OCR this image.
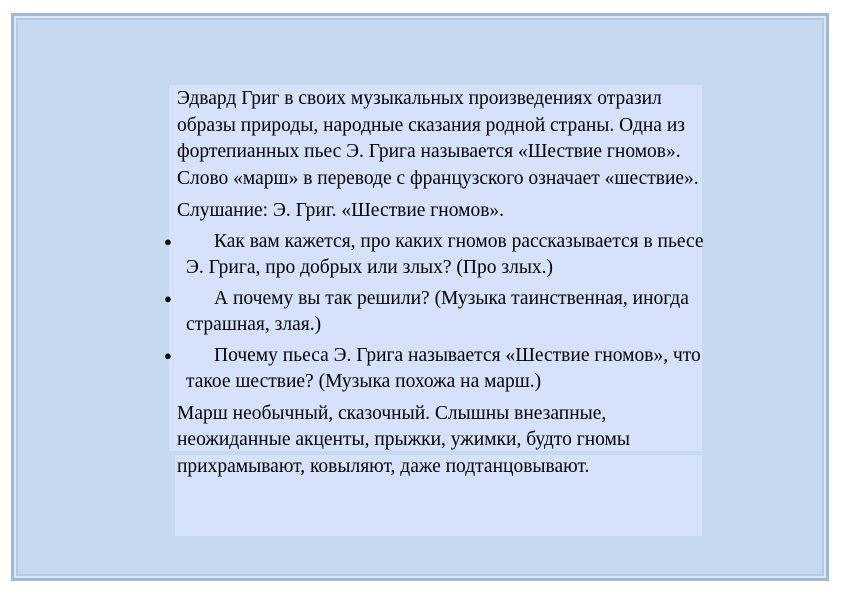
Эдвард Григ в своих музыкальных произведениях отразил образы природы, народные сказания родной страны. Одна из фортепианных пьес Э. Грига называется «Шествие гномов». Слово «марш» в переводе с французского означает «шествие».

Слушание: Э. Григ. «Шествие гномов».

●	Как вам кажется, про каких гномов рассказывается в пьесе Э. Грига, про добрых или злых? (Про злых.)
●	А почему вы так решили? (Музыка таинственная, иногда страшная, злая.)
●	Почему пьеса Э. Грига называется «Шествие гномов», что такое шествие? (Музыка похожа на марш.)

Марш необычный, сказочный. Слышны внезапные, неожиданные акценты, прыжки, ужимки, будто гномы прихрамывают, ковыляют, даже подтанцовывают.
